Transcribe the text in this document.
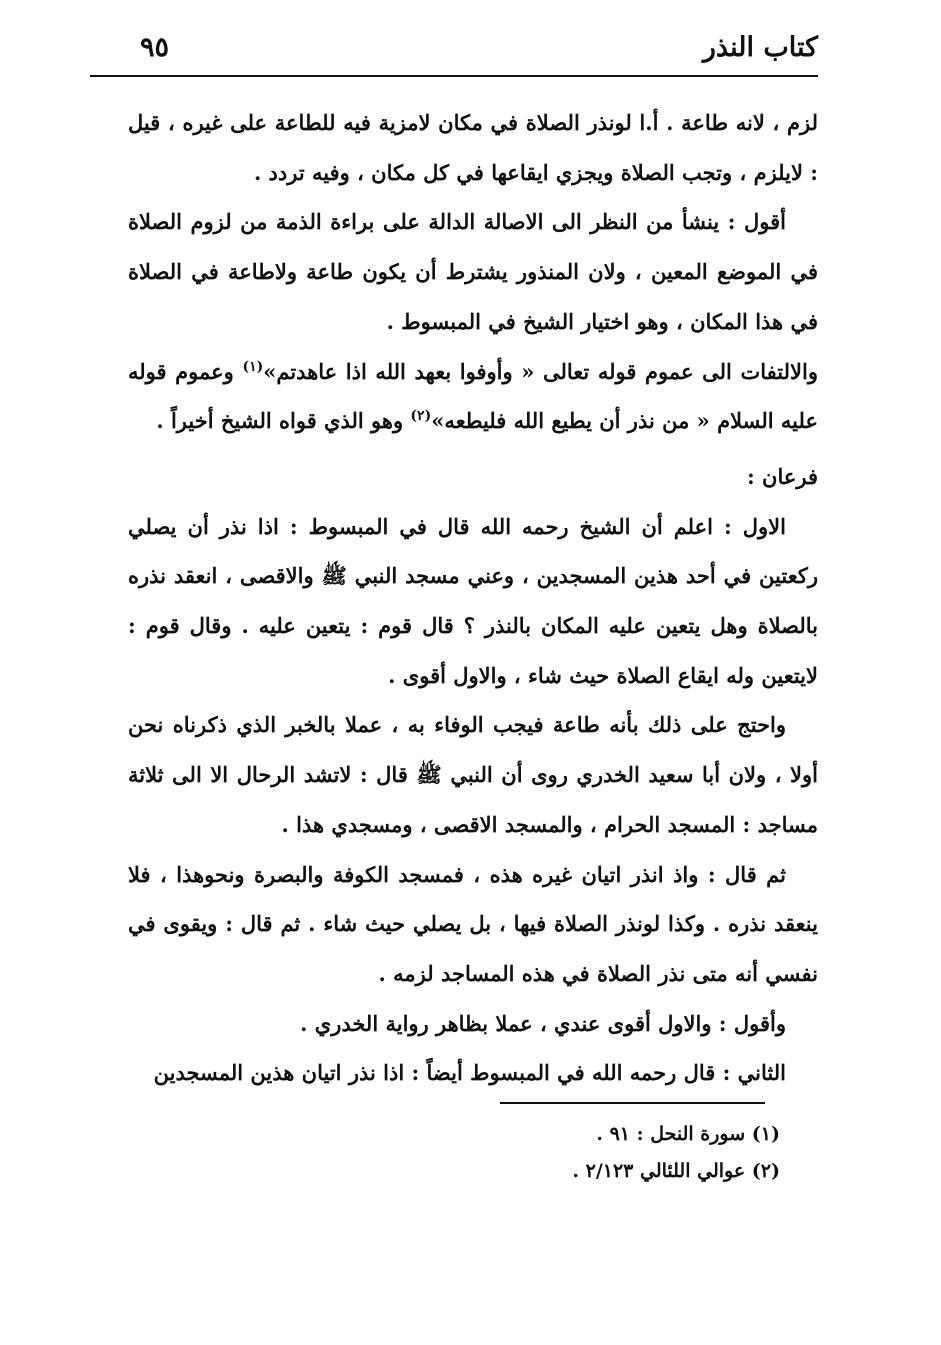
كتاب النذر
٩٥

لزم ، لانه طاعة . أ.ا لونذر الصلاة في مكان لامزية فيه للطاعة على غيره ، قيل : لايلزم ، وتجب الصلاة ويجزي ايقاعها في كل مكان ، وفيه تردد .

أقول : ينشأ من النظر الى الاصالة الدالة على براءة الذمة من لزوم الصلاة في الموضع المعين ، ولان المنذور يشترط أن يكون طاعة ولاطاعة في الصلاة في هذا المكان ، وهو اختيار الشيخ في المبسوط .

والالتفات الى عموم قوله تعالى « وأوفوا بعهد الله اذا عاهدتم»$^{(١)}$ وعموم قوله عليه السلام « من نذر أن يطيع الله فليطعه»$^{(٢)}$ وهو الذي قواه الشيخ أخيراً .

فرعان :

الاول : اعلم أن الشيخ رحمه الله قال في المبسوط : اذا نذر أن يصلي ركعتين في أحد هذين المسجدين ، وعني مسجد النبي ﷺ والاقصى ، انعقد نذره بالصلاة وهل يتعين عليه المكان بالنذر ؟ قال قوم : يتعين عليه . وقال قوم : لايتعين وله ايقاع الصلاة حيث شاء ، والاول أقوى .

واحتج على ذلك بأنه طاعة فيجب الوفاء به ، عملا بالخبر الذي ذكرناه نحن أولا ، ولان أبا سعيد الخدري روى أن النبي ﷺ قال : لاتشد الرحال الا الى ثلاثة مساجد : المسجد الحرام ، والمسجد الاقصى ، ومسجدي هذا .

ثم قال : واذ انذر اتيان غيره هذه ، فمسجد الكوفة والبصرة ونحوهذا ، فلا ينعقد نذره . وكذا لونذر الصلاة فيها ، بل يصلي حيث شاء . ثم قال : ويقوى في نفسي أنه متى نذر الصلاة في هذه المساجد لزمه .

وأقول : والاول أقوى عندي ، عملا بظاهر رواية الخدري .

الثاني : قال رحمه الله في المبسوط أيضاً : اذا نذر اتيان هذين المسجدين

(١) سورة النحل : ٩١ .
(٢) عوالي اللئالي ٢/١٢٣ .
